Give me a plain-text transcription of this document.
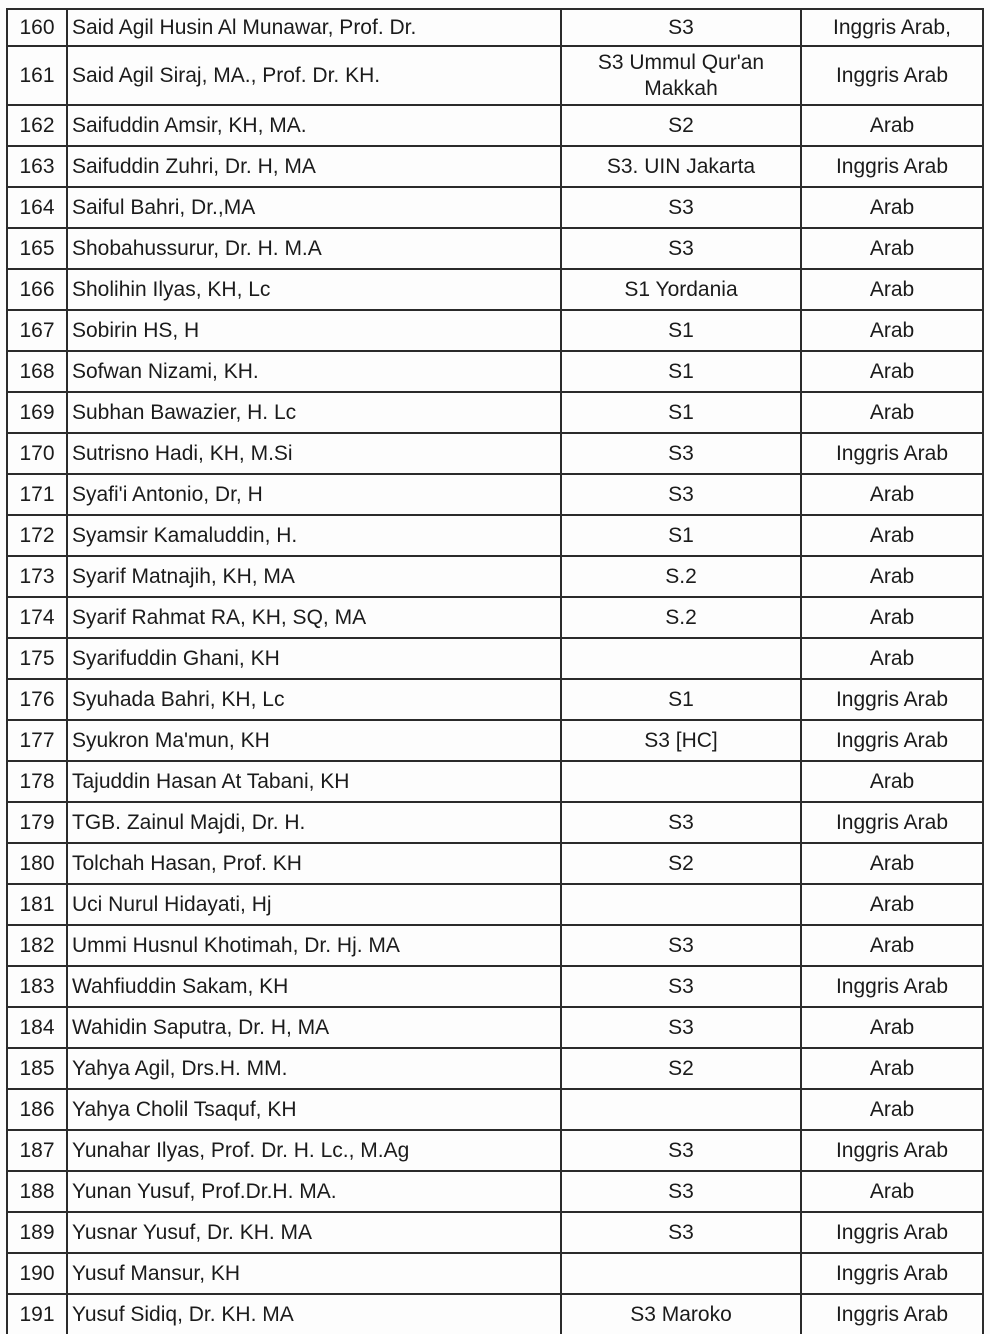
160	Said Agil Husin Al Munawar, Prof. Dr.	S3	Inggris Arab,
161	Said Agil Siraj, MA., Prof. Dr. KH.	S3 Ummul Qur'an Makkah	Inggris Arab
162	Saifuddin Amsir, KH, MA.	S2	Arab
163	Saifuddin Zuhri, Dr. H, MA	S3. UIN Jakarta	Inggris Arab
164	Saiful Bahri, Dr.,MA	S3	Arab
165	Shobahussurur, Dr. H. M.A	S3	Arab
166	Sholihin Ilyas, KH, Lc	S1 Yordania	Arab
167	Sobirin HS, H	S1	Arab
168	Sofwan Nizami, KH.	S1	Arab
169	Subhan Bawazier, H. Lc	S1	Arab
170	Sutrisno Hadi, KH, M.Si	S3	Inggris Arab
171	Syafi'i Antonio, Dr, H	S3	Arab
172	Syamsir Kamaluddin, H.	S1	Arab
173	Syarif Matnajih, KH, MA	S.2	Arab
174	Syarif Rahmat RA, KH, SQ, MA	S.2	Arab
175	Syarifuddin Ghani, KH		Arab
176	Syuhada Bahri, KH, Lc	S1	Inggris Arab
177	Syukron Ma'mun, KH	S3 [HC]	Inggris Arab
178	Tajuddin Hasan At Tabani, KH		Arab
179	TGB. Zainul Majdi, Dr. H.	S3	Inggris Arab
180	Tolchah Hasan, Prof. KH	S2	Arab
181	Uci Nurul Hidayati, Hj		Arab
182	Ummi Husnul Khotimah, Dr. Hj. MA	S3	Arab
183	Wahfiuddin Sakam, KH	S3	Inggris Arab
184	Wahidin Saputra, Dr. H, MA	S3	Arab
185	Yahya Agil, Drs.H. MM.	S2	Arab
186	Yahya Cholil Tsaquf, KH		Arab
187	Yunahar Ilyas, Prof. Dr. H. Lc., M.Ag	S3	Inggris Arab
188	Yunan Yusuf, Prof.Dr.H. MA.	S3	Arab
189	Yusnar Yusuf, Dr. KH. MA	S3	Inggris Arab
190	Yusuf Mansur, KH		Inggris Arab
191	Yusuf Sidiq, Dr. KH. MA	S3 Maroko	Inggris Arab
